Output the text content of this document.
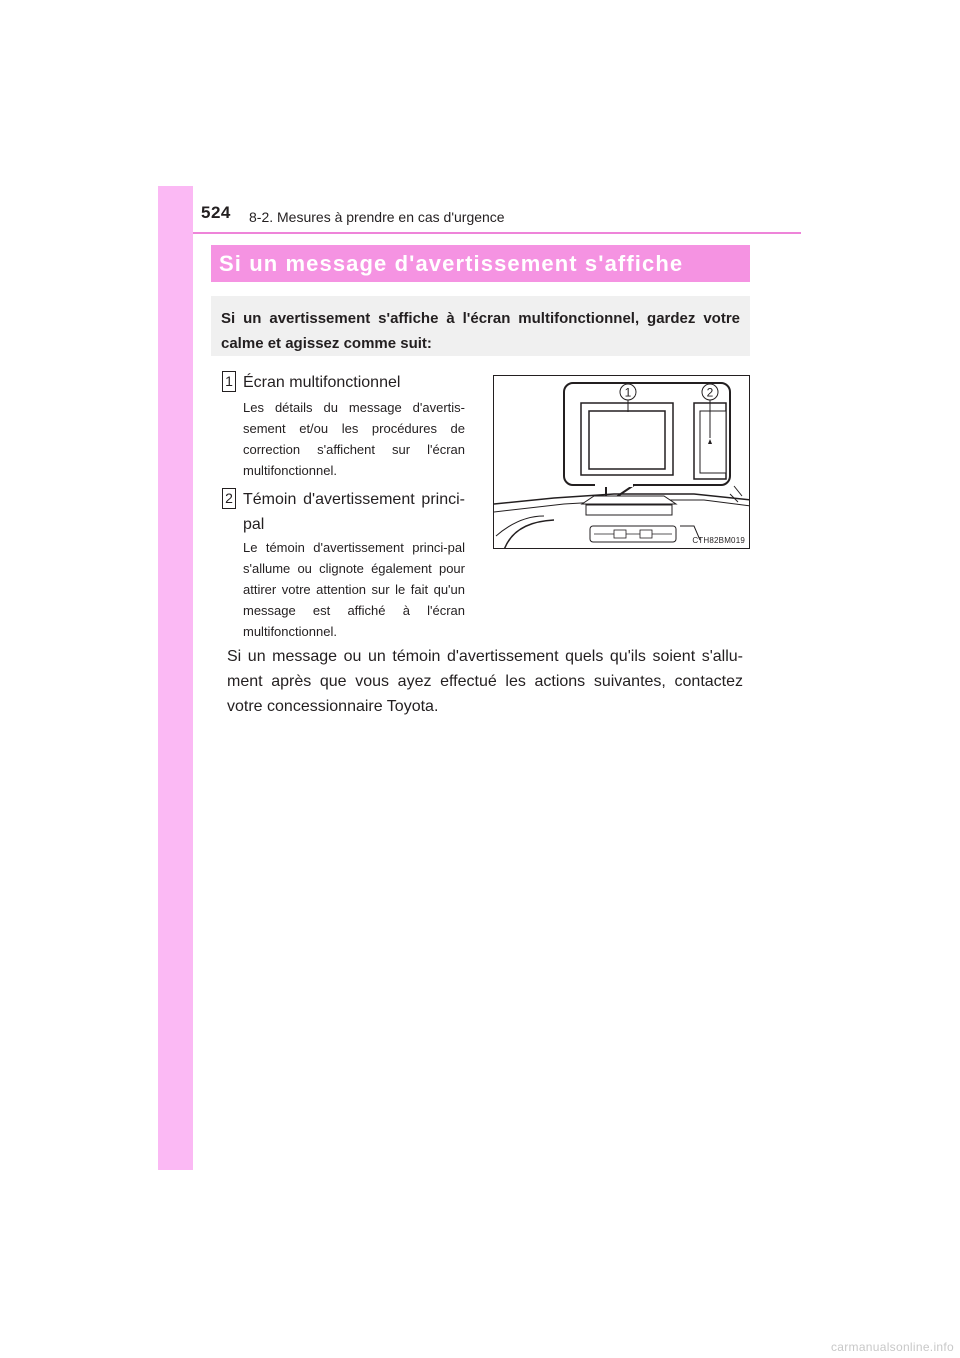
524 8-2. Mesures à prendre en cas d'urgence
Si un message d'avertissement s'affiche
Si un avertissement s'affiche à l'écran multifonctionnel, gardez votre calme et agissez comme suit:
1 Écran multifonctionnel
Les détails du message d'avertis-sement et/ou les procédures de correction s'affichent sur l'écran multifonctionnel.
2 Témoin d'avertissement princi-pal
Le témoin d'avertissement princi-pal s'allume ou clignote également pour attirer votre attention sur le fait qu'un message est affiché à l'écran multifonctionnel.
1	2
CTH82BM019
Si un message ou un témoin d'avertissement quels qu'ils soient s'allu-ment après que vous ayez effectué les actions suivantes, contactez votre concessionnaire Toyota.
carmanualsonline.info
